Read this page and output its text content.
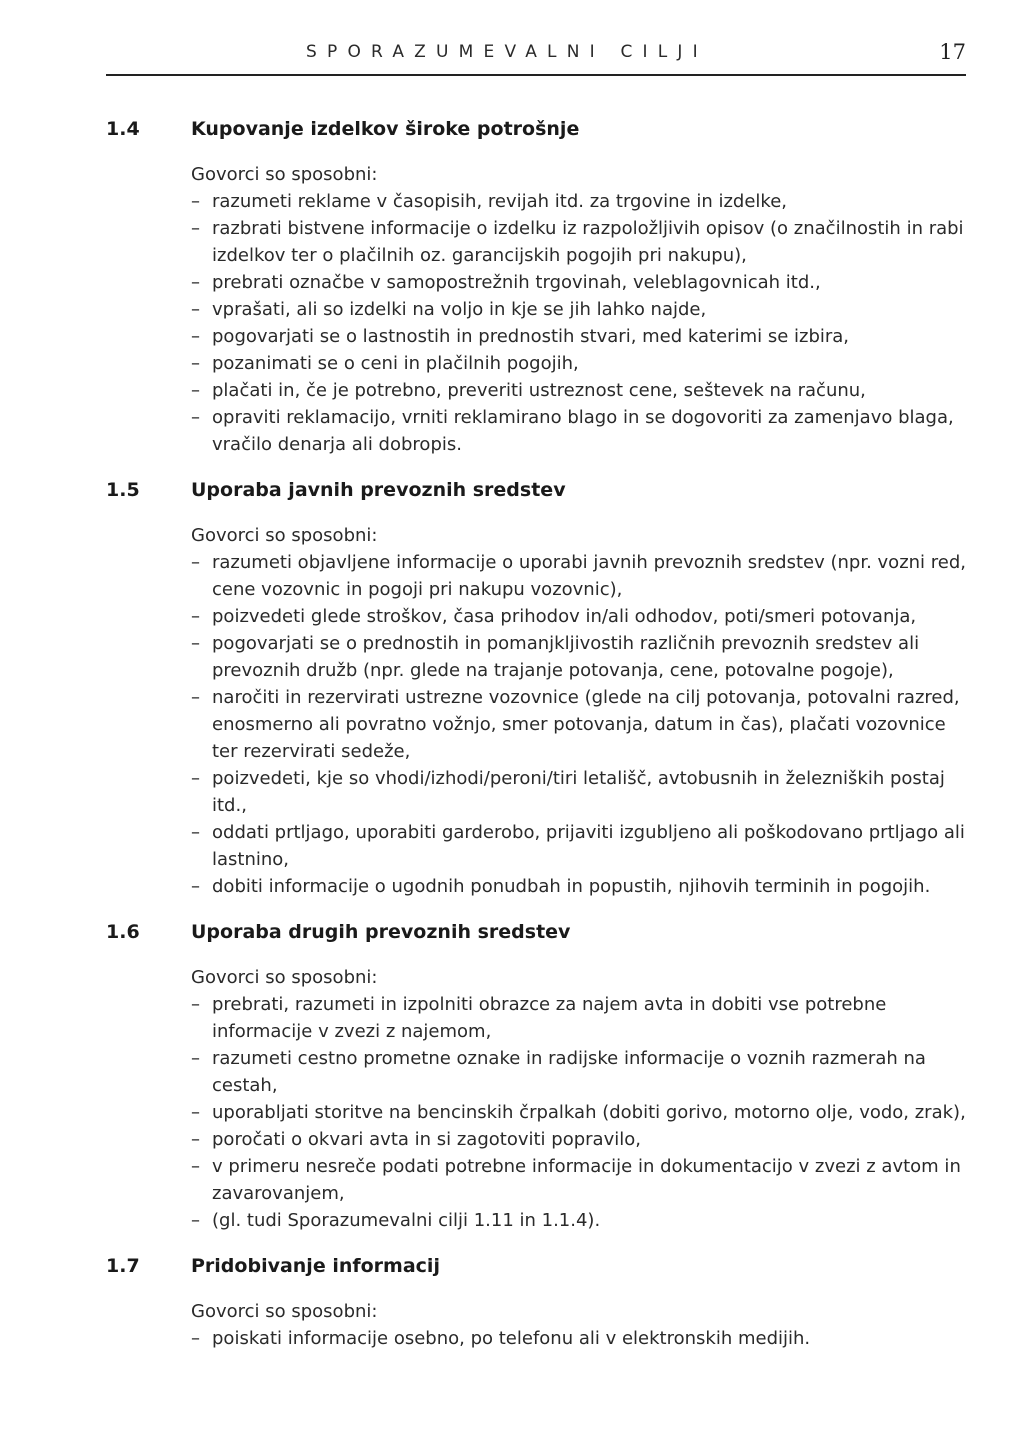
SPORAZUMEVALNI CILJI	17
1.4	Kupovanje izdelkov široke potrošnje
Govorci so sposobni:
– razumeti reklame v časopisih, revijah itd. za trgovine in izdelke,
– razbrati bistvene informacije o izdelku iz razpoložljivih opisov (o značilnostih in rabi izdelkov ter o plačilnih oz. garancijskih pogojih pri nakupu),
– prebrati označbe v samopostrežnih trgovinah, veleblagovnicah itd.,
– vprašati, ali so izdelki na voljo in kje se jih lahko najde,
– pogovarjati se o lastnostih in prednostih stvari, med katerimi se izbira,
– pozanimati se o ceni in plačilnih pogojih,
– plačati in, če je potrebno, preveriti ustreznost cene, seštevek na računu,
– opraviti reklamacijo, vrniti reklamirano blago in se dogovoriti za zamenjavo blaga, vračilo denarja ali dobropis.
1.5	Uporaba javnih prevoznih sredstev
Govorci so sposobni:
– razumeti objavljene informacije o uporabi javnih prevoznih sredstev (npr. vozni red, cene vozovnic in pogoji pri nakupu vozovnic),
– poizvedeti glede stroškov, časa prihodov in/ali odhodov, poti/smeri potovanja,
– pogovarjati se o prednostih in pomanjkljivostih različnih prevoznih sredstev ali prevoznih družb (npr. glede na trajanje potovanja, cene, potovalne pogoje),
– naročiti in rezervirati ustrezne vozovnice (glede na cilj potovanja, potovalni razred, enosmerno ali povratno vožnjo, smer potovanja, datum in čas), plačati vozovnice ter rezervirati sedeže,
– poizvedeti, kje so vhodi/izhodi/peroni/tiri letališč, avtobusnih in železniških postaj itd.,
– oddati prtljago, uporabiti garderobo, prijaviti izgubljeno ali poškodovano prtljago ali lastnino,
– dobiti informacije o ugodnih ponudbah in popustih, njihovih terminih in pogojih.
1.6	Uporaba drugih prevoznih sredstev
Govorci so sposobni:
– prebrati, razumeti in izpolniti obrazce za najem avta in dobiti vse potrebne informacije v zvezi z najemom,
– razumeti cestno prometne oznake in radijske informacije o voznih razmerah na cestah,
– uporabljati storitve na bencinskih črpalkah (dobiti gorivo, motorno olje, vodo, zrak),
– poročati o okvari avta in si zagotoviti popravilo,
– v primeru nesreče podati potrebne informacije in dokumentacijo v zvezi z avtom in zavarovanjem,
– (gl. tudi Sporazumevalni cilji 1.11 in 1.1.4).
1.7	Pridobivanje informacij
Govorci so sposobni:
– poiskati informacije osebno, po telefonu ali v elektronskih medijih.
